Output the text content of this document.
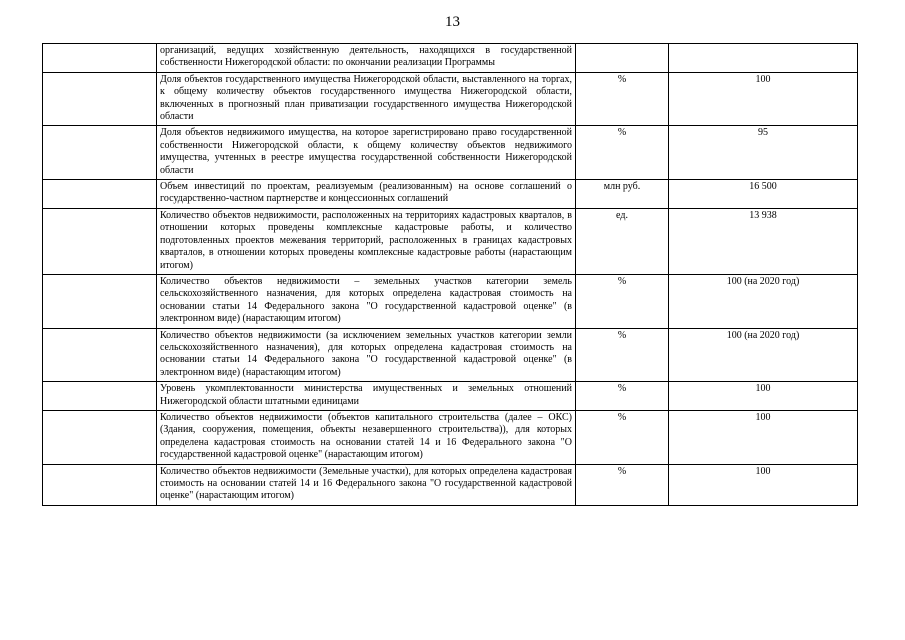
13
	организаций, ведущих хозяйственную деятельность, находящихся в государственной собственности Нижегородской области: по окончании реализации Программы		
	Доля объектов государственного имущества Нижегородской области, выставленного на торгах, к общему количеству объектов государственного имущества Нижегородской области, включенных в прогнозный план приватизации государственного имущества Нижегородской области	%	100
	Доля объектов недвижимого имущества, на которое зарегистрировано право государственной собственности Нижегородской области, к общему количеству объектов недвижимого имущества, учтенных в реестре имущества государственной собственности Нижегородской области	%	95
	Объем инвестиций по проектам, реализуемым (реализованным) на основе соглашений о государственно-частном партнерстве и концессионных соглашений	млн руб.	16 500
	Количество объектов недвижимости, расположенных на территориях кадастровых кварталов, в отношении которых проведены комплексные кадастровые работы, и количество подготовленных проектов межевания территорий, расположенных в границах кадастровых кварталов, в отношении которых проведены комплексные кадастровые работы (нарастающим итогом)	ед.	13 938
	Количество объектов недвижимости – земельных участков категории земель сельскохозяйственного назначения, для которых определена кадастровая стоимость на основании статьи 14 Федерального закона "О государственной кадастровой оценке" (в электронном виде) (нарастающим итогом)	%	100 (на 2020 год)
	Количество объектов недвижимости (за исключением земельных участков категории земли сельскохозяйственного назначения), для которых определена кадастровая стоимость на основании статьи 14 Федерального закона "О государственной кадастровой оценке" (в электронном виде) (нарастающим итогом)	%	100 (на 2020 год)
	Уровень укомплектованности министерства имущественных и земельных отношений Нижегородской области штатными единицами	%	100
	Количество объектов недвижимости (объектов капитального строительства (далее – ОКС) (Здания, сооружения, помещения, объекты незавершенного строительства)), для которых определена кадастровая стоимость на основании статей 14 и 16 Федерального закона "О государственной кадастровой оценке" (нарастающим итогом)	%	100
	Количество объектов недвижимости (Земельные участки), для которых определена кадастровая стоимость на основании статей 14 и 16 Федерального закона "О государственной кадастровой оценке" (нарастающим итогом)	%	100
